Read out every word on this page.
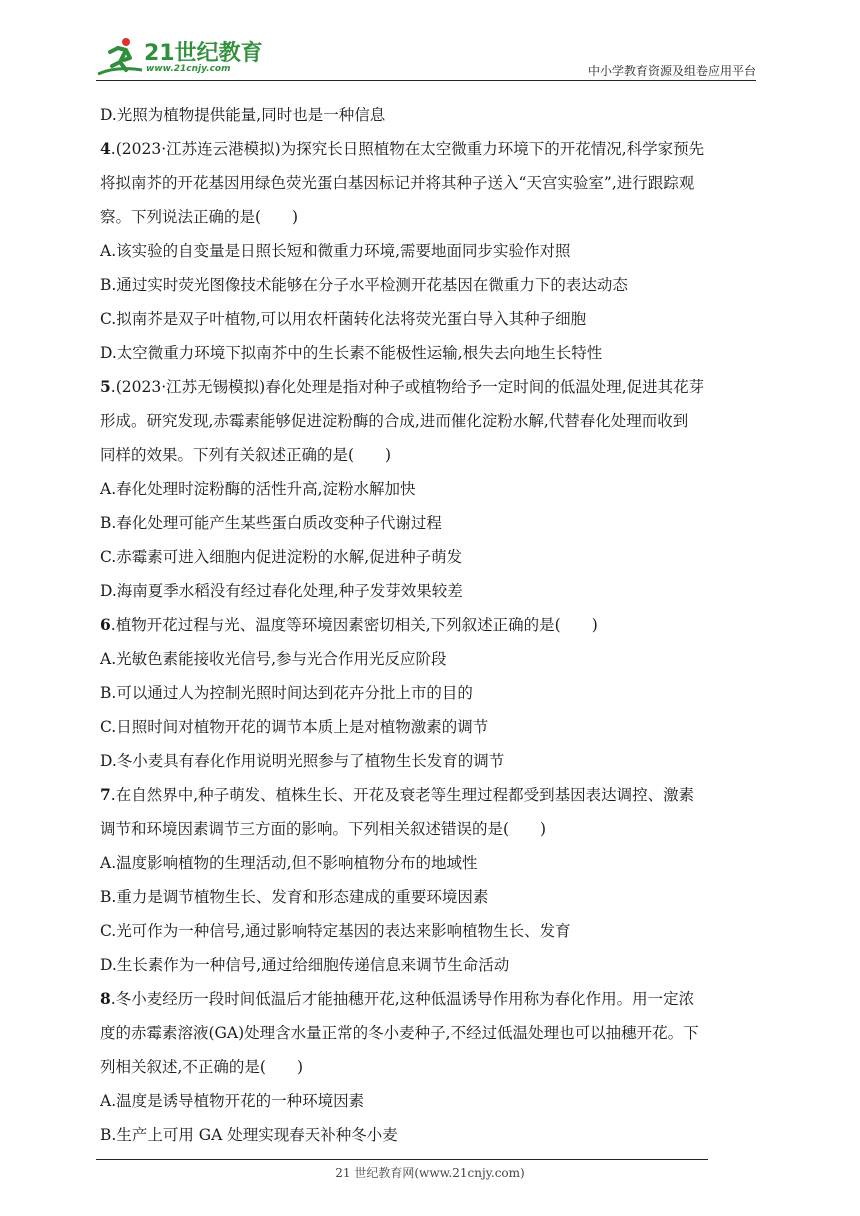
21世纪教育
www.21cnjy.com	中小学教育资源及组卷应用平台
D.光照为植物提供能量,同时也是一种信息
4.(2023·江苏连云港模拟)为探究长日照植物在太空微重力环境下的开花情况,科学家预先
将拟南芥的开花基因用绿色荧光蛋白基因标记并将其种子送入“天宫实验室”,进行跟踪观
察。下列说法正确的是(　　)
A.该实验的自变量是日照长短和微重力环境,需要地面同步实验作对照
B.通过实时荧光图像技术能够在分子水平检测开花基因在微重力下的表达动态
C.拟南芥是双子叶植物,可以用农杆菌转化法将荧光蛋白导入其种子细胞
D.太空微重力环境下拟南芥中的生长素不能极性运输,根失去向地生长特性
5.(2023·江苏无锡模拟)春化处理是指对种子或植物给予一定时间的低温处理,促进其花芽
形成。研究发现,赤霉素能够促进淀粉酶的合成,进而催化淀粉水解,代替春化处理而收到
同样的效果。下列有关叙述正确的是(　　)
A.春化处理时淀粉酶的活性升高,淀粉水解加快
B.春化处理可能产生某些蛋白质改变种子代谢过程
C.赤霉素可进入细胞内促进淀粉的水解,促进种子萌发
D.海南夏季水稻没有经过春化处理,种子发芽效果较差
6.植物开花过程与光、温度等环境因素密切相关,下列叙述正确的是(　　)
A.光敏色素能接收光信号,参与光合作用光反应阶段
B.可以通过人为控制光照时间达到花卉分批上市的目的
C.日照时间对植物开花的调节本质上是对植物激素的调节
D.冬小麦具有春化作用说明光照参与了植物生长发育的调节
7.在自然界中,种子萌发、植株生长、开花及衰老等生理过程都受到基因表达调控、激素
调节和环境因素调节三方面的影响。下列相关叙述错误的是(　　)
A.温度影响植物的生理活动,但不影响植物分布的地域性
B.重力是调节植物生长、发育和形态建成的重要环境因素
C.光可作为一种信号,通过影响特定基因的表达来影响植物生长、发育
D.生长素作为一种信号,通过给细胞传递信息来调节生命活动
8.冬小麦经历一段时间低温后才能抽穗开花,这种低温诱导作用称为春化作用。用一定浓
度的赤霉素溶液(GA)处理含水量正常的冬小麦种子,不经过低温处理也可以抽穗开花。下
列相关叙述,不正确的是(　　)
A.温度是诱导植物开花的一种环境因素
B.生产上可用 GA 处理实现春天补种冬小麦
21 世纪教育网(www.21cnjy.com)
